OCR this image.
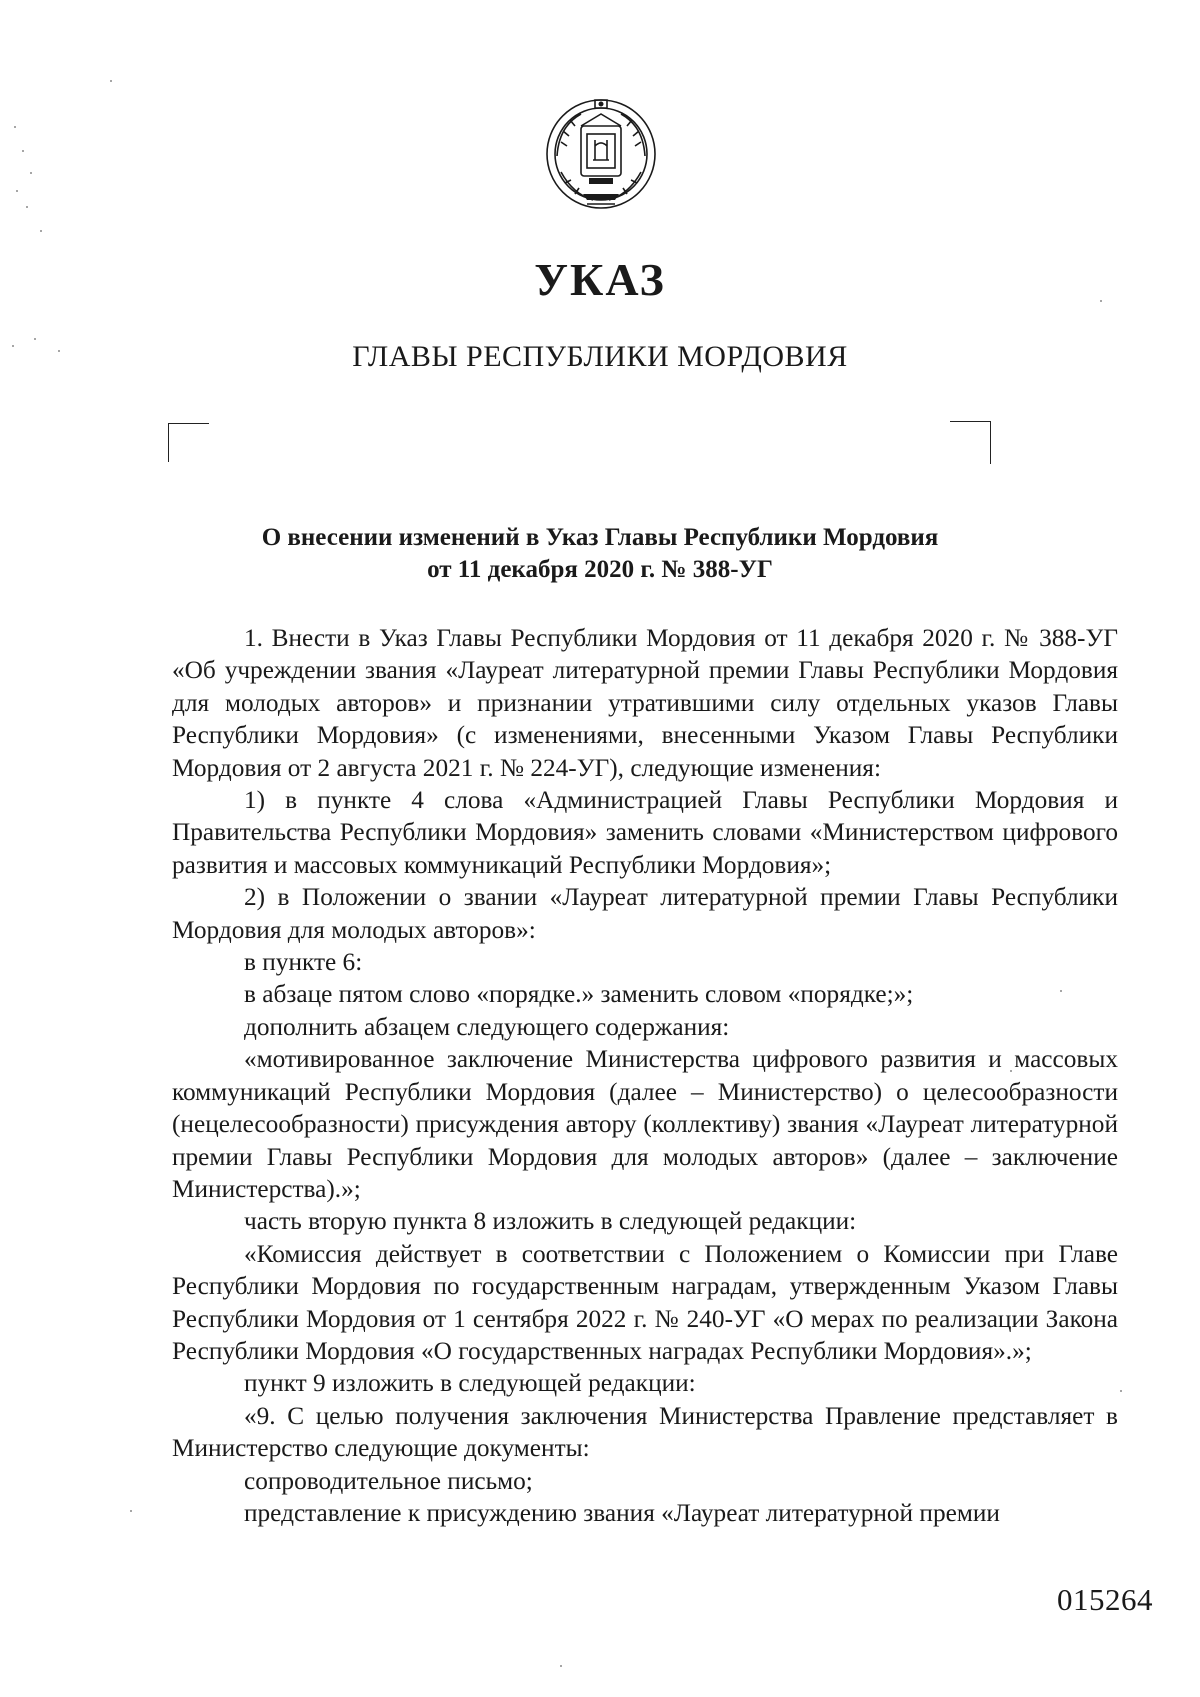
УКАЗ
ГЛАВЫ РЕСПУБЛИКИ МОРДОВИЯ
О внесении изменений в Указ Главы Республики Мордовия
от 11 декабря 2020 г. № 388-УГ

1. Внести в Указ Главы Республики Мордовия от 11 декабря 2020 г. № 388-УГ «Об учреждении звания «Лауреат литературной премии Главы Республики Мордовия для молодых авторов» и признании утратившими силу отдельных указов Главы Республики Мордовия» (с изменениями, внесенными Указом Главы Республики Мордовия от 2 августа 2021 г. № 224-УГ), следующие изменения:

1) в пункте 4 слова «Администрацией Главы Республики Мордовия и Правительства Республики Мордовия» заменить словами «Министерством цифрового развития и массовых коммуникаций Республики Мордовия»;

2) в Положении о звании «Лауреат литературной премии Главы Республики Мордовия для молодых авторов»:

в пункте 6:

в абзаце пятом слово «порядке.» заменить словом «порядке;»;

дополнить абзацем следующего содержания:

«мотивированное заключение Министерства цифрового развития и массовых коммуникаций Республики Мордовия (далее – Министерство) о целесообразности (нецелесообразности) присуждения автору (коллективу) звания «Лауреат литературной премии Главы Республики Мордовия для молодых авторов» (далее – заключение Министерства).»;

часть вторую пункта 8 изложить в следующей редакции:

«Комиссия действует в соответствии с Положением о Комиссии при Главе Республики Мордовия по государственным наградам, утвержденным Указом Главы Республики Мордовия от 1 сентября 2022 г. № 240-УГ «О мерах по реализации Закона Республики Мордовия «О государственных наградах Республики Мордовия».»;

пункт 9 изложить в следующей редакции:

«9. С целью получения заключения Министерства Правление представляет в Министерство следующие документы:

сопроводительное письмо;

представление к присуждению звания «Лауреат литературной премии

015264
